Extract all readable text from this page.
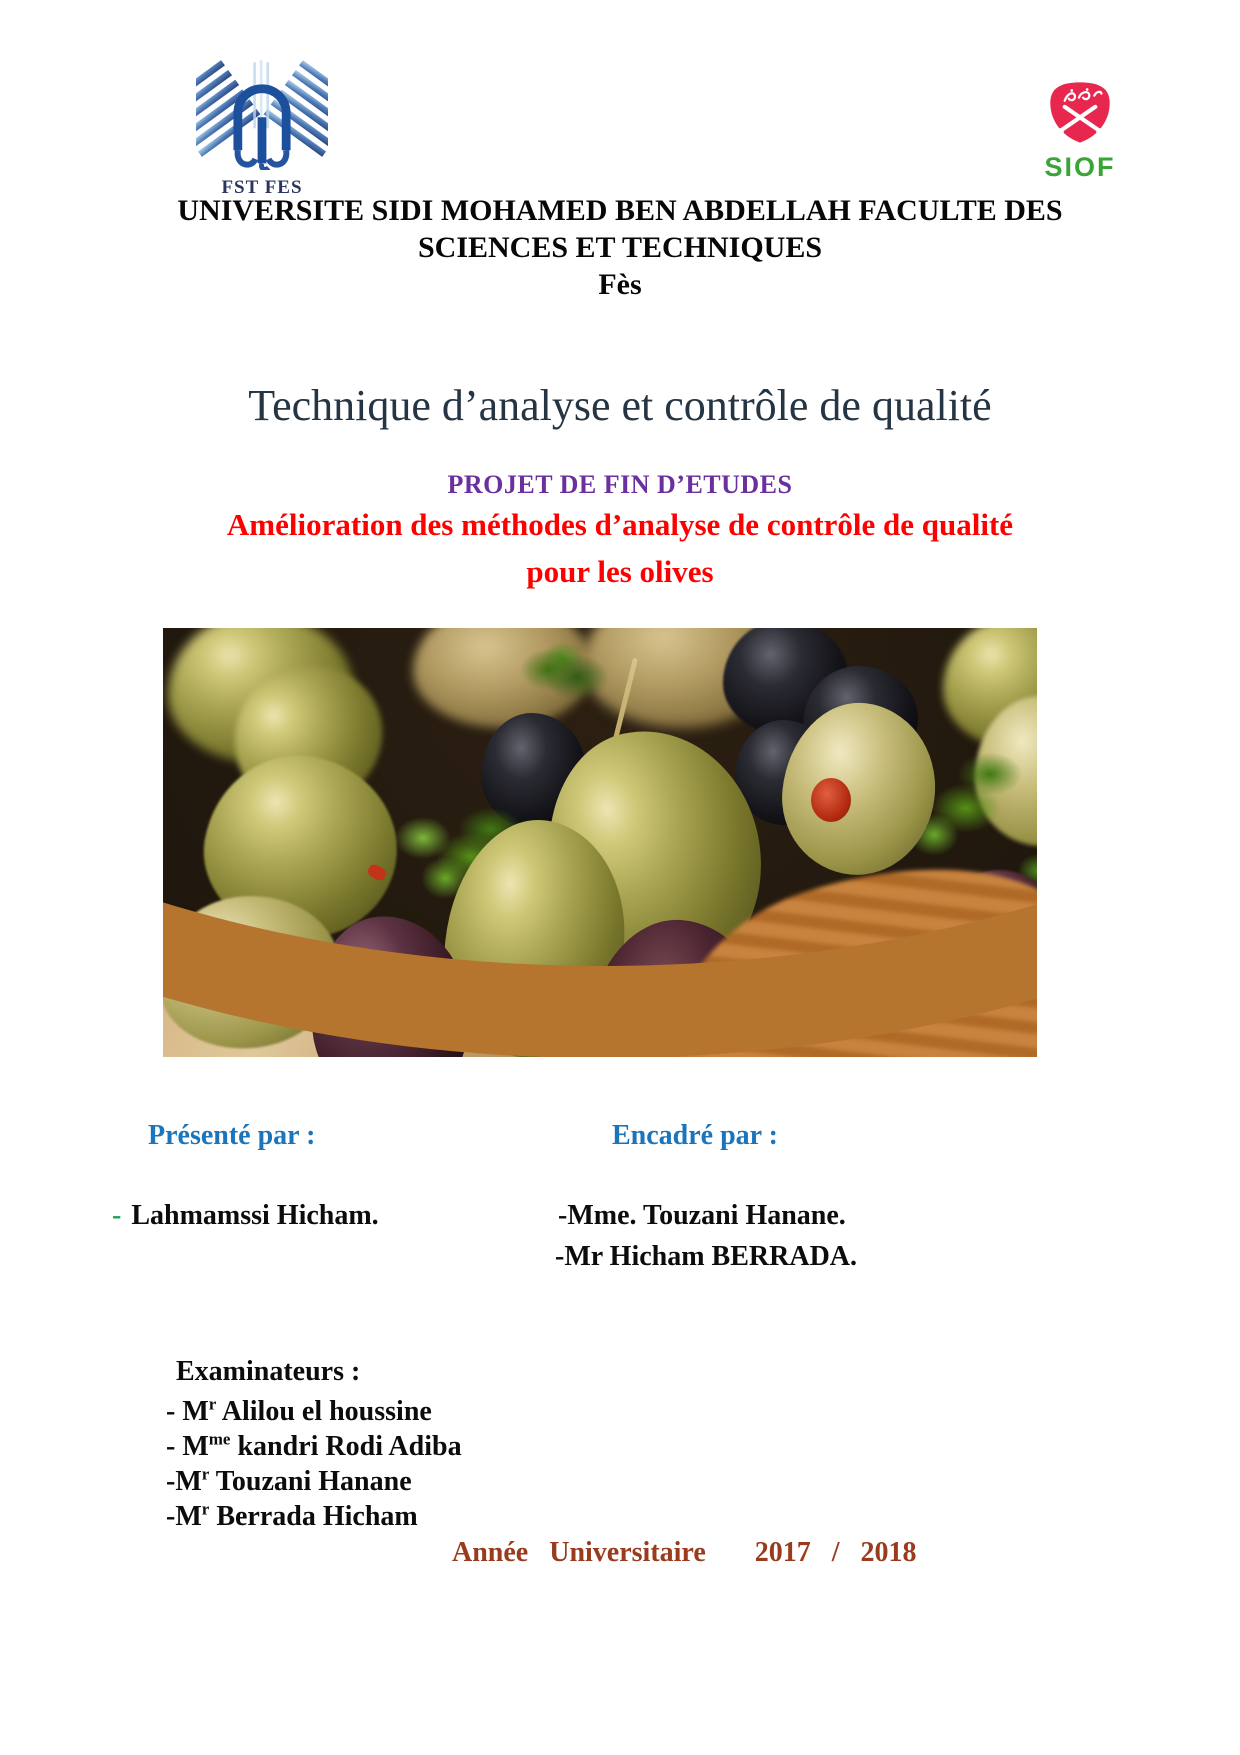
FST FES
SIOF
UNIVERSITE SIDI MOHAMED BEN ABDELLAH FACULTE DES
SCIENCES ET TECHNIQUES
Fès
Technique d’analyse et contrôle de qualité
PROJET DE FIN D’ETUDES
Amélioration des méthodes d’analyse de contrôle de qualité
pour les olives
Présenté par :	Encadré par :
- Lahmamssi Hicham.	-Mme. Touzani Hanane.
-Mr Hicham BERRADA.
Examinateurs :
- $M^r$ Alilou el houssine
- $M^{me}$ kandri Rodi Adiba
$-M^r$ Touzani Hanane
$-M^r$ Berrada Hicham
Année   Universitaire       2017   /   2018
